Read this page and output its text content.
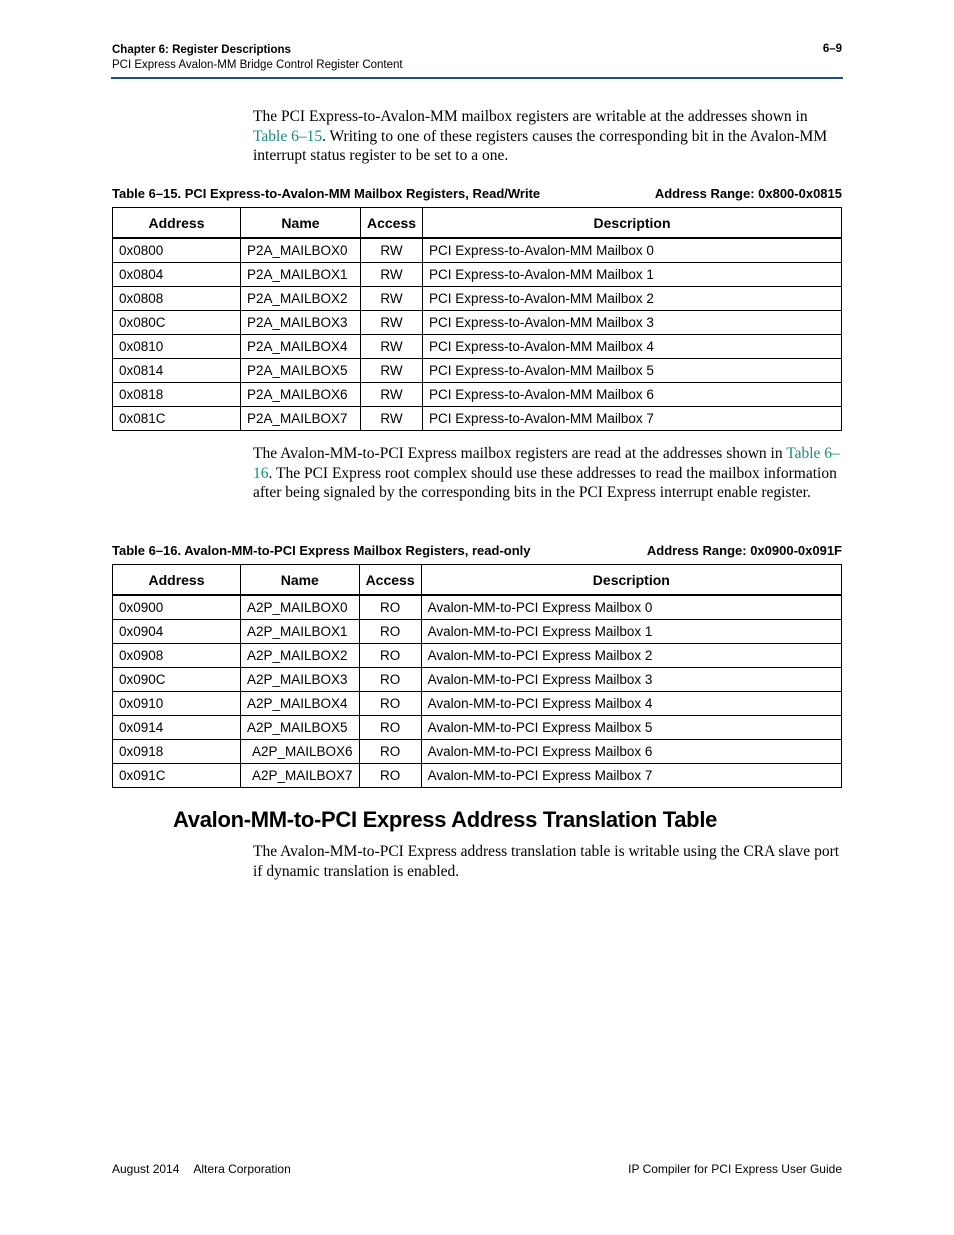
Chapter 6: Register Descriptions
PCI Express Avalon-MM Bridge Control Register Content
6–9
The PCI Express-to-Avalon-MM mailbox registers are writable at the addresses shown in Table 6–15. Writing to one of these registers causes the corresponding bit in the Avalon-MM interrupt status register to be set to a one.
Table 6–15. PCI Express-to-Avalon-MM Mailbox Registers, Read/Write	Address Range: 0x800-0x0815
Address	Name	Access	Description
0x0800	P2A_MAILBOX0	RW	PCI Express-to-Avalon-MM Mailbox 0
0x0804	P2A_MAILBOX1	RW	PCI Express-to-Avalon-MM Mailbox 1
0x0808	P2A_MAILBOX2	RW	PCI Express-to-Avalon-MM Mailbox 2
0x080C	P2A_MAILBOX3	RW	PCI Express-to-Avalon-MM Mailbox 3
0x0810	P2A_MAILBOX4	RW	PCI Express-to-Avalon-MM Mailbox 4
0x0814	P2A_MAILBOX5	RW	PCI Express-to-Avalon-MM Mailbox 5
0x0818	P2A_MAILBOX6	RW	PCI Express-to-Avalon-MM Mailbox 6
0x081C	P2A_MAILBOX7	RW	PCI Express-to-Avalon-MM Mailbox 7
The Avalon-MM-to-PCI Express mailbox registers are read at the addresses shown in Table 6–16. The PCI Express root complex should use these addresses to read the mailbox information after being signaled by the corresponding bits in the PCI Express interrupt enable register.
Table 6–16. Avalon-MM-to-PCI Express Mailbox Registers, read-only	Address Range: 0x0900-0x091F
Address	Name	Access	Description
0x0900	A2P_MAILBOX0	RO	Avalon-MM-to-PCI Express Mailbox 0
0x0904	A2P_MAILBOX1	RO	Avalon-MM-to-PCI Express Mailbox 1
0x0908	A2P_MAILBOX2	RO	Avalon-MM-to-PCI Express Mailbox 2
0x090C	A2P_MAILBOX3	RO	Avalon-MM-to-PCI Express Mailbox 3
0x0910	A2P_MAILBOX4	RO	Avalon-MM-to-PCI Express Mailbox 4
0x0914	A2P_MAILBOX5	RO	Avalon-MM-to-PCI Express Mailbox 5
0x0918	A2P_MAILBOX6	RO	Avalon-MM-to-PCI Express Mailbox 6
0x091C	A2P_MAILBOX7	RO	Avalon-MM-to-PCI Express Mailbox 7
Avalon-MM-to-PCI Express Address Translation Table
The Avalon-MM-to-PCI Express address translation table is writable using the CRA slave port if dynamic translation is enabled.
August 2014 Altera Corporation	IP Compiler for PCI Express User Guide
